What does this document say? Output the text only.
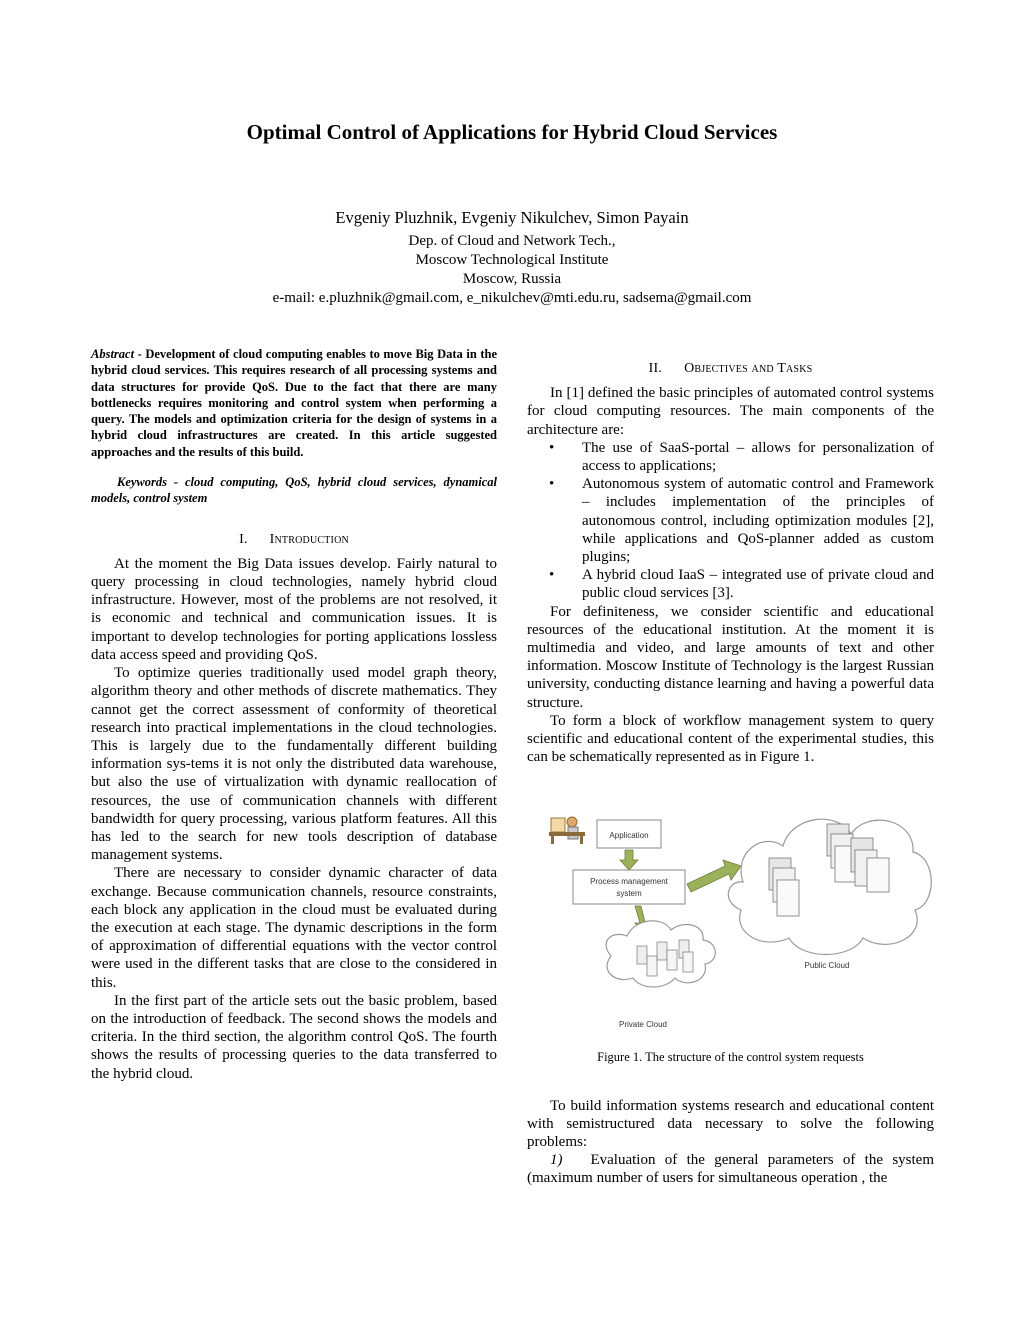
Optimal Control of Applications for Hybrid Cloud Services
Evgeniy Pluzhnik, Evgeniy Nikulchev, Simon Payain
Dep. of Cloud and Network Tech.,
Moscow Technological Institute
Moscow, Russia
e-mail: e.pluzhnik@gmail.com, e_nikulchev@mti.edu.ru, sadsema@gmail.com
Abstract - Development of cloud computing enables to move Big Data in the hybrid cloud services. This requires research of all processing systems and data structures for provide QoS. Due to the fact that there are many bottlenecks requires monitoring and control system when performing a query. The models and optimization criteria for the design of systems in a hybrid cloud infrastructures are created. In this article suggested approaches and the results of this build.
Keywords - cloud computing, QoS, hybrid cloud services, dynamical models, control system
I. Introduction

At the moment the Big Data issues develop. Fairly natural to query processing in cloud technologies, namely hybrid cloud infrastructure. However, most of the problems are not resolved, it is economic and technical and communication issues. It is important to develop technologies for porting applications lossless data access speed and providing QoS.

To optimize queries traditionally used model graph theory, algorithm theory and other methods of discrete mathematics. They cannot get the correct assessment of conformity of theoretical research into practical implementations in the cloud technologies. This is largely due to the fundamentally different building information sys-tems it is not only the distributed data warehouse, but also the use of virtualization with dynamic reallocation of resources, the use of communication channels with different bandwidth for query processing, various platform features. All this has led to the search for new tools description of database management systems.

There are necessary to consider dynamic character of data exchange. Because communication channels, resource constraints, each block any application in the cloud must be evaluated during the execution at each stage. The dynamic descriptions in the form of approximation of differential equations with the vector control were used in the different tasks that are close to the considered in this.

In the first part of the article sets out the basic problem, based on the introduction of feedback. The second shows the models and criteria. In the third section, the algorithm control QoS. The fourth shows the results of processing queries to the data transferred to the hybrid cloud.

II. Objectives and Tasks

In [1] defined the basic principles of automated control systems for cloud computing resources. The main components of the architecture are:

• The use of SaaS-portal – allows for personalization of access to applications;
• Autonomous system of automatic control and Framework – includes implementation of the principles of autonomous control, including optimization modules [2], while applications and QoS-planner added as custom plugins;
• A hybrid cloud IaaS – integrated use of private cloud and public cloud services [3].

For definiteness, we consider scientific and educational resources of the educational institution. At the moment it is multimedia and video, and large amounts of text and other information. Moscow Institute of Technology is the largest Russian university, conducting distance learning and having a powerful data structure.

To form a block of workflow management system to query scientific and educational content of the experimental studies, this can be schematically represented as in Figure 1.

Application
Process management
system
Public Cloud
Private Cloud
Figure 1. The structure of the control system requests

To build information systems research and educational content with semistructured data necessary to solve the following problems:

1) Evaluation of the general parameters of the system (maximum number of users for simultaneous operation , the
